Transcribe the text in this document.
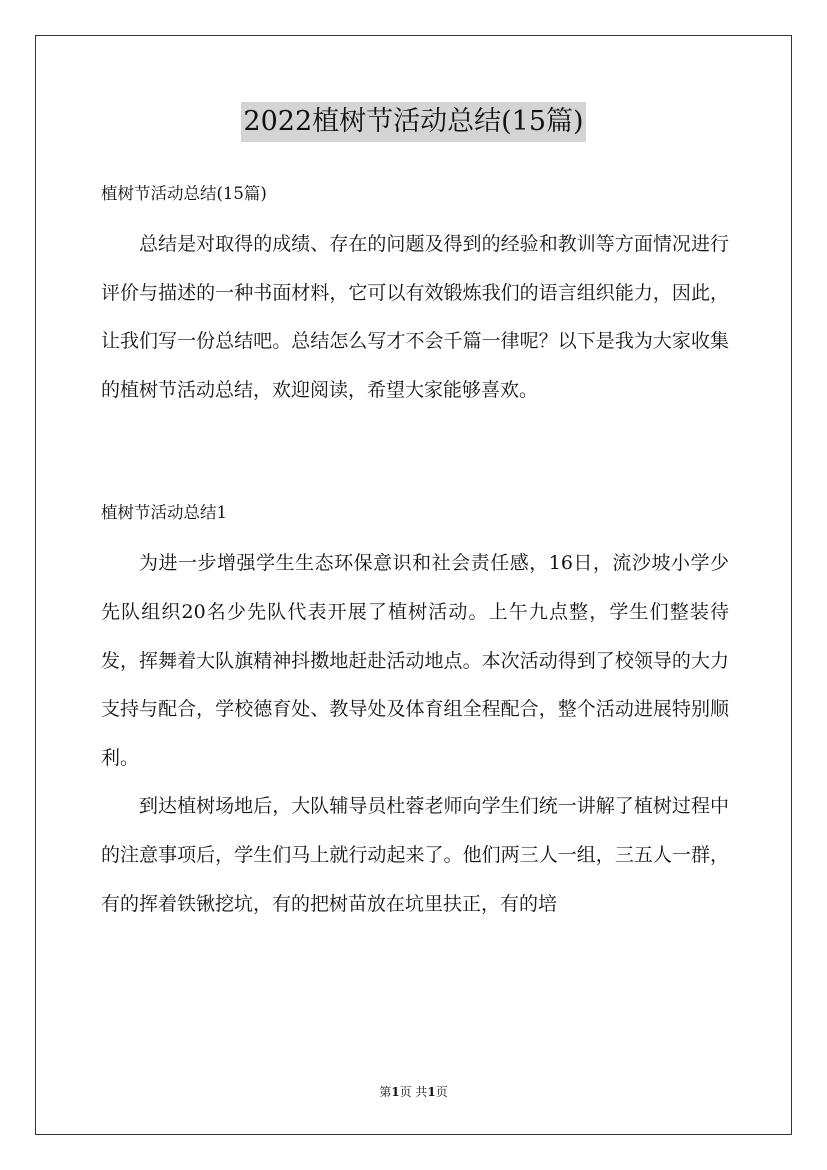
2022植树节活动总结(15篇)

植树节活动总结(15篇)

总结是对取得的成绩、存在的问题及得到的经验和教训等方面情况进行评价与描述的一种书面材料，它可以有效锻炼我们的语言组织能力，因此，让我们写一份总结吧。总结怎么写才不会千篇一律呢？以下是我为大家收集的植树节活动总结，欢迎阅读，希望大家能够喜欢。

植树节活动总结1

为进一步增强学生生态环保意识和社会责任感，16日，流沙坡小学少先队组织20名少先队代表开展了植树活动。上午九点整，学生们整装待发，挥舞着大队旗精神抖擞地赶赴活动地点。本次活动得到了校领导的大力支持与配合，学校德育处、教导处及体育组全程配合，整个活动进展特别顺利。

到达植树场地后，大队辅导员杜蓉老师向学生们统一讲解了植树过程中的注意事项后，学生们马上就行动起来了。他们两三人一组，三五人一群，有的挥着铁锹挖坑，有的把树苗放在坑里扶正，有的培

第1页 共1页
